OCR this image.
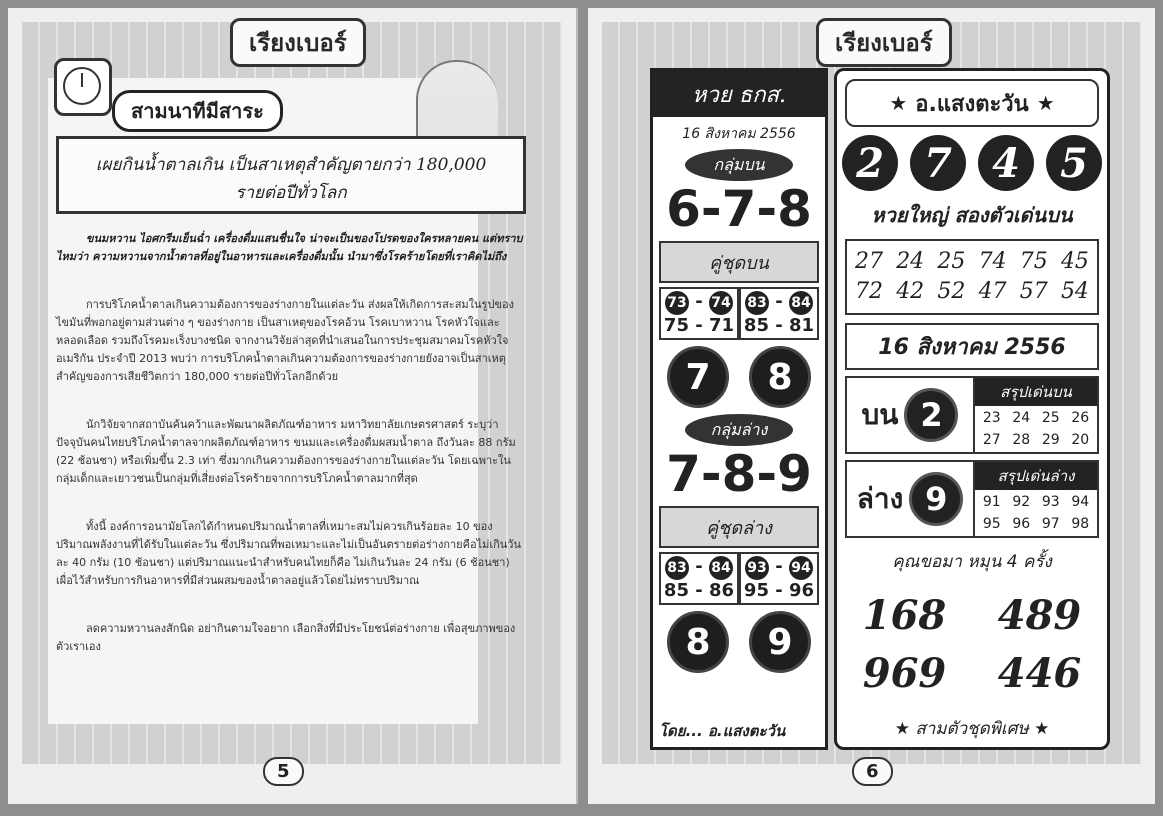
เรียงเบอร์
สามนาทีมีสาระ
เผยกินน้ำตาลเกิน เป็นสาเหตุสำคัญตายกว่า 180,000 รายต่อปีทั่วโลก

ขนมหวาน ไอศกรีมเย็นฉ่ำ เครื่องดื่มแสนชื่นใจ น่าจะเป็นของโปรดของใครหลายคน แต่ทราบไหมว่า ความหวานจากน้ำตาลที่อยู่ในอาหารและเครื่องดื่มนั้น นำมาซึ่งโรคร้ายโดยที่เราคิดไม่ถึง

การบริโภคน้ำตาลเกินความต้องการของร่างกายในแต่ละวัน ส่งผลให้เกิดการสะสมในรูปของไขมันที่พอกอยู่ตามส่วนต่าง ๆ ของร่างกาย เป็นสาเหตุของโรคอ้วน โรคเบาหวาน โรคหัวใจและหลอดเลือด รวมถึงโรคมะเร็งบางชนิด จากงานวิจัยล่าสุดที่นำเสนอในการประชุมสมาคมโรคหัวใจอเมริกัน ประจำปี 2013 พบว่า การบริโภคน้ำตาลเกินความต้องการของร่างกายยังอาจเป็นสาเหตุสำคัญของการเสียชีวิตกว่า 180,000 รายต่อปีทั่วโลกอีกด้วย

นักวิจัยจากสถาบันค้นคว้าและพัฒนาผลิตภัณฑ์อาหาร มหาวิทยาลัยเกษตรศาสตร์ ระบุว่า ปัจจุบันคนไทยบริโภคน้ำตาลจากผลิตภัณฑ์อาหาร ขนมและเครื่องดื่มผสมน้ำตาล ถึงวันละ 88 กรัม (22 ช้อนชา) หรือเพิ่มขึ้น 2.3 เท่า ซึ่งมากเกินความต้องการของร่างกายในแต่ละวัน โดยเฉพาะในกลุ่มเด็กและเยาวชนเป็นกลุ่มที่เสี่ยงต่อโรคร้ายจากการบริโภคน้ำตาลมากที่สุด

ทั้งนี้ องค์การอนามัยโลกได้กำหนดปริมาณน้ำตาลที่เหมาะสมไม่ควรเกินร้อยละ 10 ของปริมาณพลังงานที่ได้รับในแต่ละวัน ซึ่งปริมาณที่พอเหมาะและไม่เป็นอันตรายต่อร่างกายคือไม่เกินวันละ 40 กรัม (10 ช้อนชา) แต่ปริมาณแนะนำสำหรับคนไทยก็คือ ไม่เกินวันละ 24 กรัม (6 ช้อนชา) เผื่อไว้สำหรับการกินอาหารที่มีส่วนผสมของน้ำตาลอยู่แล้วโดยไม่ทราบปริมาณ

ลดความหวานลงสักนิด อย่ากินตามใจอยาก เลือกสิ่งที่มีประโยชน์ต่อร่างกาย เพื่อสุขภาพของตัวเราเอง

5
เรียงเบอร์
หวย ธกส.
16 สิงหาคม 2556
กลุ่มบน
6-7-8
คู่ชุดบน
73 - 74
75 - 71
83 - 84
85 - 81
7	8
กลุ่มล่าง
7-8-9
คู่ชุดล่าง
83 - 84
85 - 86
93 - 94
95 - 96
8	9
โดย... อ.แสงตะวัน
★ อ.แสงตะวัน ★
2	7	4	5
หวยใหญ่ สองตัวเด่นบน
27 24 25 74 75 45
72 42 52 47 57 54
16 สิงหาคม 2556
บน 2
สรุปเด่นบน
23 24 25 26
27 28 29 20
ล่าง 9
สรุปเด่นล่าง
91 92 93 94
95 96 97 98
คุณขอมา หมุน 4 ครั้ง
168	489
969	446
★ สามตัวชุดพิเศษ ★
6
